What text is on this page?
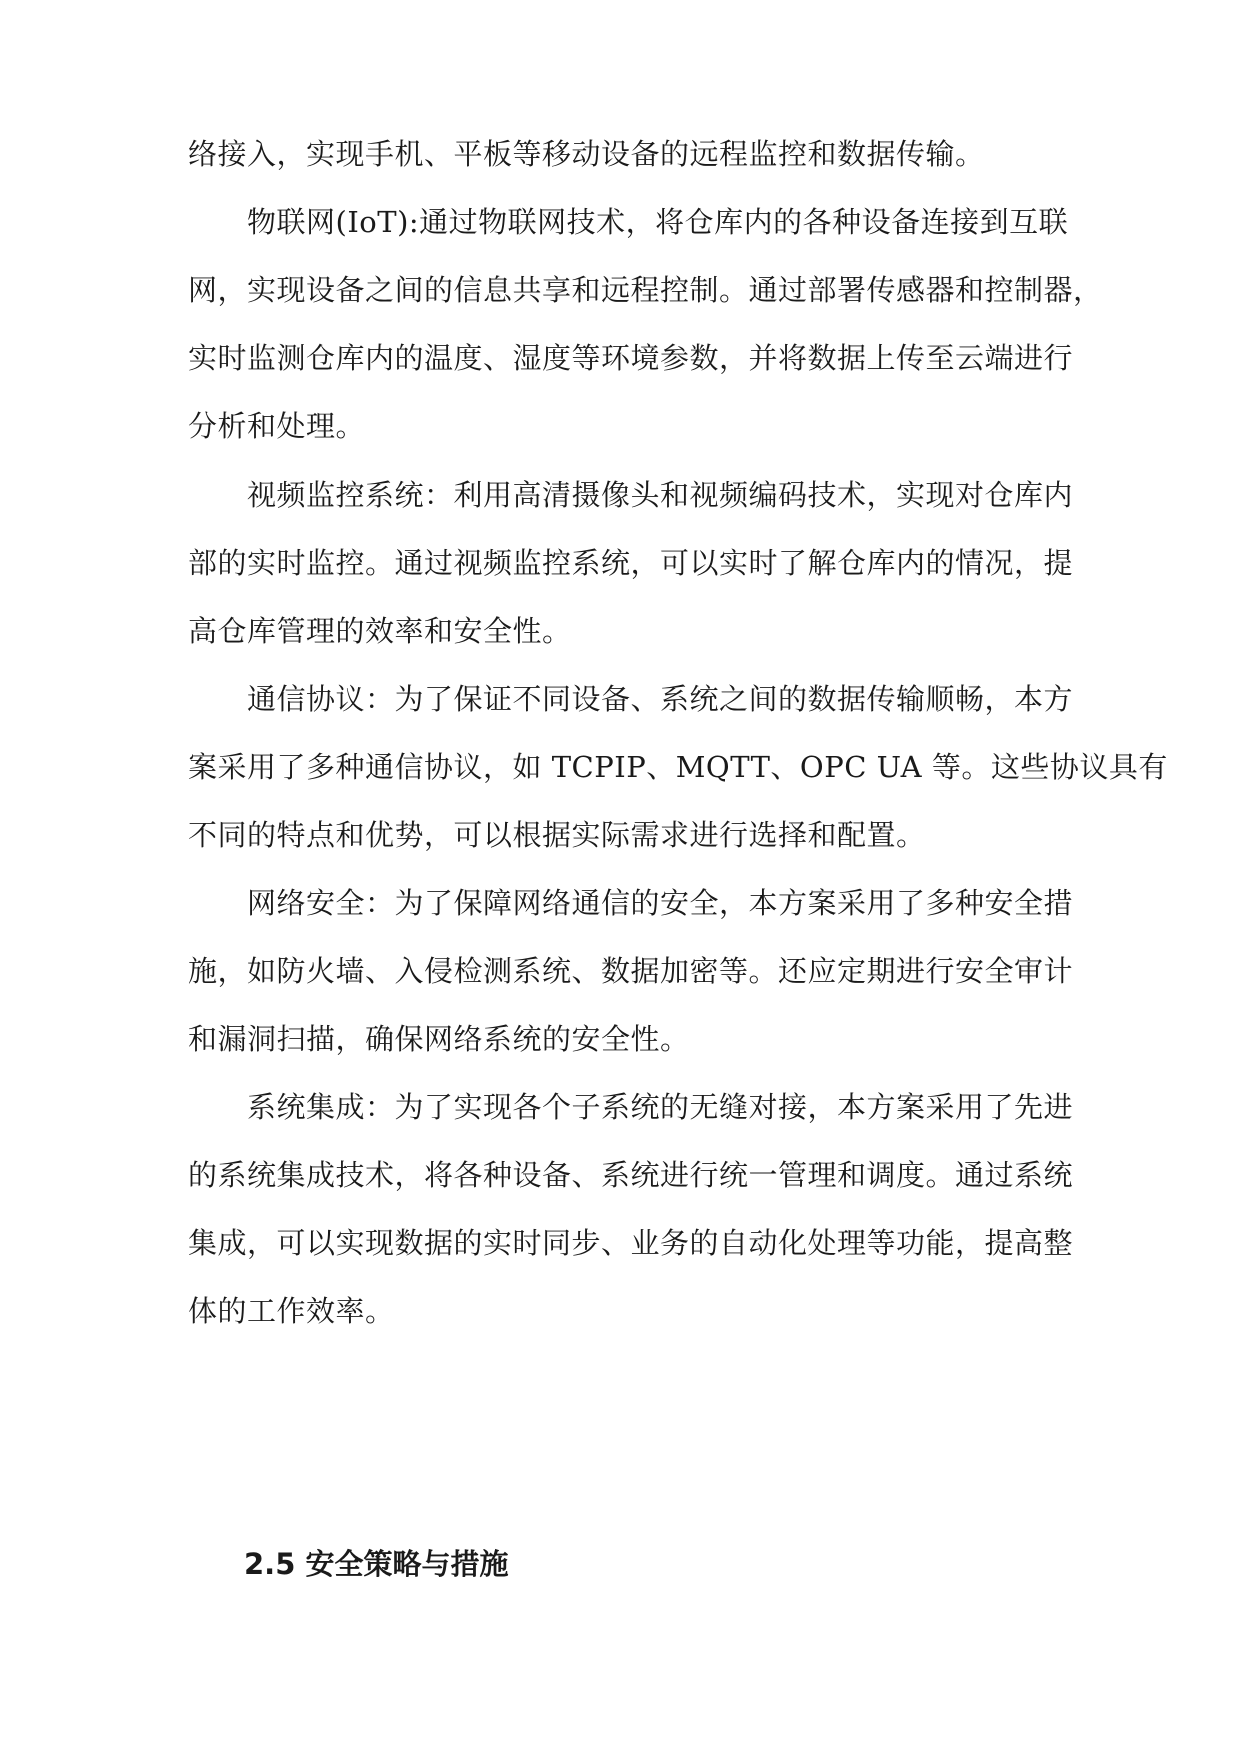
络接入，实现手机、平板等移动设备的远程监控和数据传输。
物联网(IoT):通过物联网技术，将仓库内的各种设备连接到互联
网，实现设备之间的信息共享和远程控制。通过部署传感器和控制器，
实时监测仓库内的温度、湿度等环境参数，并将数据上传至云端进行
分析和处理。
视频监控系统：利用高清摄像头和视频编码技术，实现对仓库内
部的实时监控。通过视频监控系统，可以实时了解仓库内的情况，提
高仓库管理的效率和安全性。
通信协议：为了保证不同设备、系统之间的数据传输顺畅，本方
案采用了多种通信协议，如 TCPIP、MQTT、OPC UA 等。这些协议具有
不同的特点和优势，可以根据实际需求进行选择和配置。
网络安全：为了保障网络通信的安全，本方案采用了多种安全措
施，如防火墙、入侵检测系统、数据加密等。还应定期进行安全审计
和漏洞扫描，确保网络系统的安全性。
系统集成：为了实现各个子系统的无缝对接，本方案采用了先进
的系统集成技术，将各种设备、系统进行统一管理和调度。通过系统
集成，可以实现数据的实时同步、业务的自动化处理等功能，提高整
体的工作效率。
2.5 安全策略与措施
